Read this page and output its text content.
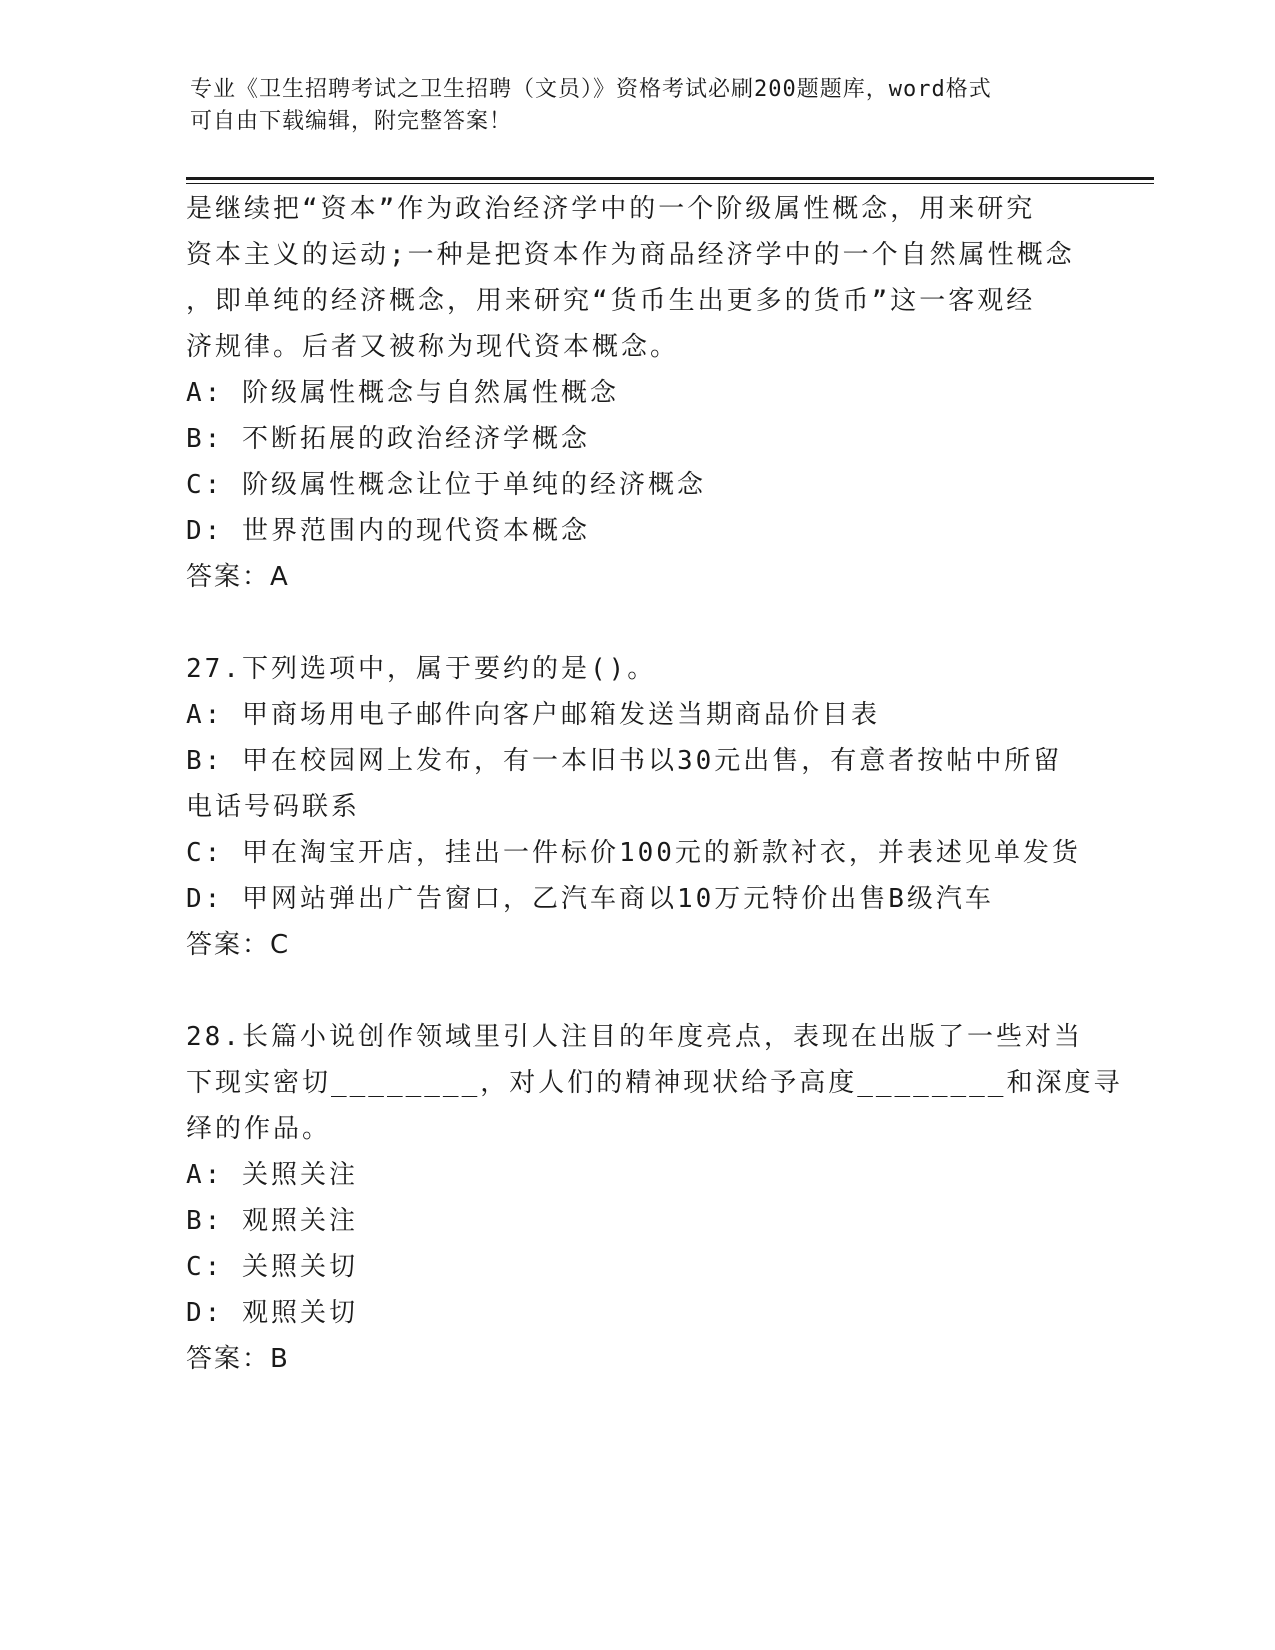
专业《卫生招聘考试之卫生招聘（文员）》资格考试必刷200题题库，word格式
可自由下载编辑，附完整答案！
是继续把“资本”作为政治经济学中的一个阶级属性概念，用来研究
资本主义的运动;一种是把资本作为商品经济学中的一个自然属性概念
，即单纯的经济概念，用来研究“货币生出更多的货币”这一客观经
济规律。后者又被称为现代资本概念。
A: 阶级属性概念与自然属性概念
B: 不断拓展的政治经济学概念
C: 阶级属性概念让位于单纯的经济概念
D: 世界范围内的现代资本概念
答案：A
27.下列选项中，属于要约的是()。
A: 甲商场用电子邮件向客户邮箱发送当期商品价目表
B: 甲在校园网上发布，有一本旧书以30元出售，有意者按帖中所留
电话号码联系
C: 甲在淘宝开店，挂出一件标价100元的新款衬衣，并表述见单发货
D: 甲网站弹出广告窗口，乙汽车商以10万元特价出售B级汽车
答案：C
28.长篇小说创作领域里引人注目的年度亮点，表现在出版了一些对当
下现实密切________，对人们的精神现状给予高度________和深度寻
绎的作品。
A: 关照关注
B: 观照关注
C: 关照关切
D: 观照关切
答案：B
